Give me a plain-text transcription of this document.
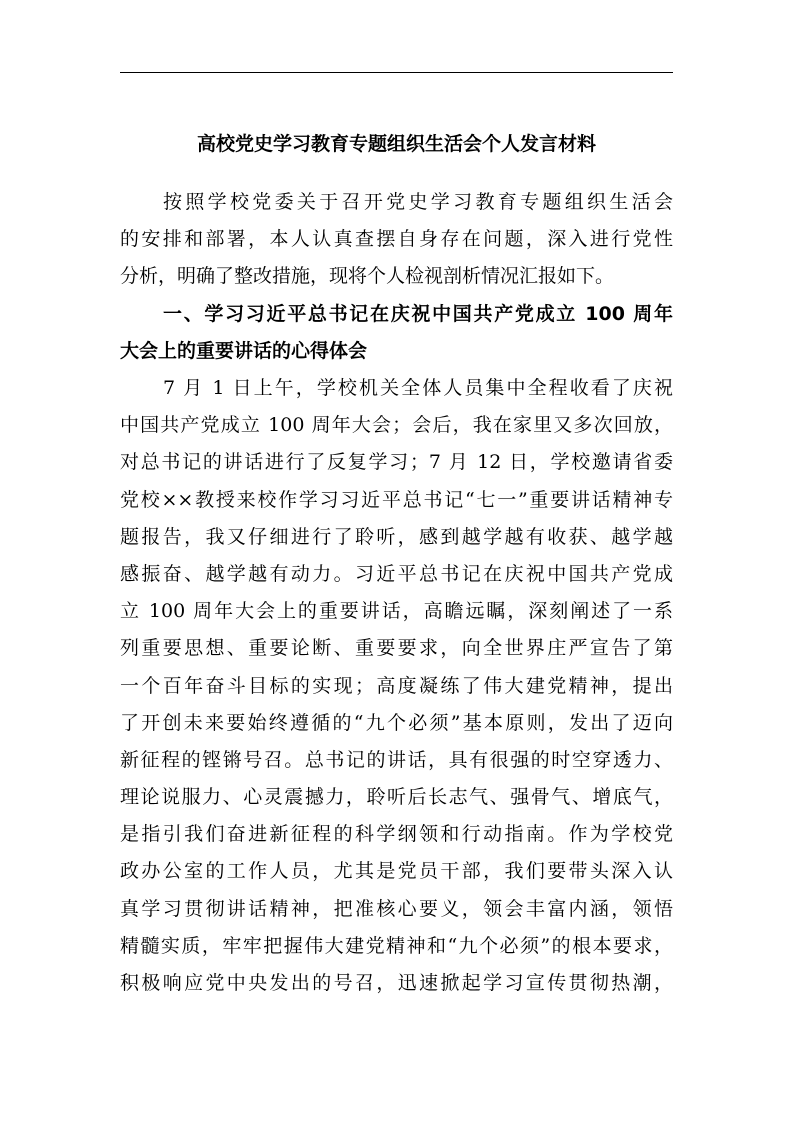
高校党史学习教育专题组织生活会个人发言材料
按照学校党委关于召开党史学习教育专题组织生活会
的安排和部署，本人认真查摆自身存在问题，深入进行党性
分析，明确了整改措施，现将个人检视剖析情况汇报如下。
一、学习习近平总书记在庆祝中国共产党成立 100 周年
大会上的重要讲话的心得体会
7 月 1 日上午，学校机关全体人员集中全程收看了庆祝
中国共产党成立 100 周年大会；会后，我在家里又多次回放，
对总书记的讲话进行了反复学习；7 月 12 日，学校邀请省委
党校××教授来校作学习习近平总书记“七一”重要讲话精神专
题报告，我又仔细进行了聆听，感到越学越有收获、越学越
感振奋、越学越有动力。习近平总书记在庆祝中国共产党成
立 100 周年大会上的重要讲话，高瞻远瞩，深刻阐述了一系
列重要思想、重要论断、重要要求，向全世界庄严宣告了第
一个百年奋斗目标的实现；高度凝练了伟大建党精神，提出
了开创未来要始终遵循的“九个必须”基本原则，发出了迈向
新征程的铿锵号召。总书记的讲话，具有很强的时空穿透力、
理论说服力、心灵震撼力，聆听后长志气、强骨气、增底气，
是指引我们奋进新征程的科学纲领和行动指南。作为学校党
政办公室的工作人员，尤其是党员干部，我们要带头深入认
真学习贯彻讲话精神，把准核心要义，领会丰富内涵，领悟
精髓实质，牢牢把握伟大建党精神和“九个必须”的根本要求，
积极响应党中央发出的号召，迅速掀起学习宣传贯彻热潮，
